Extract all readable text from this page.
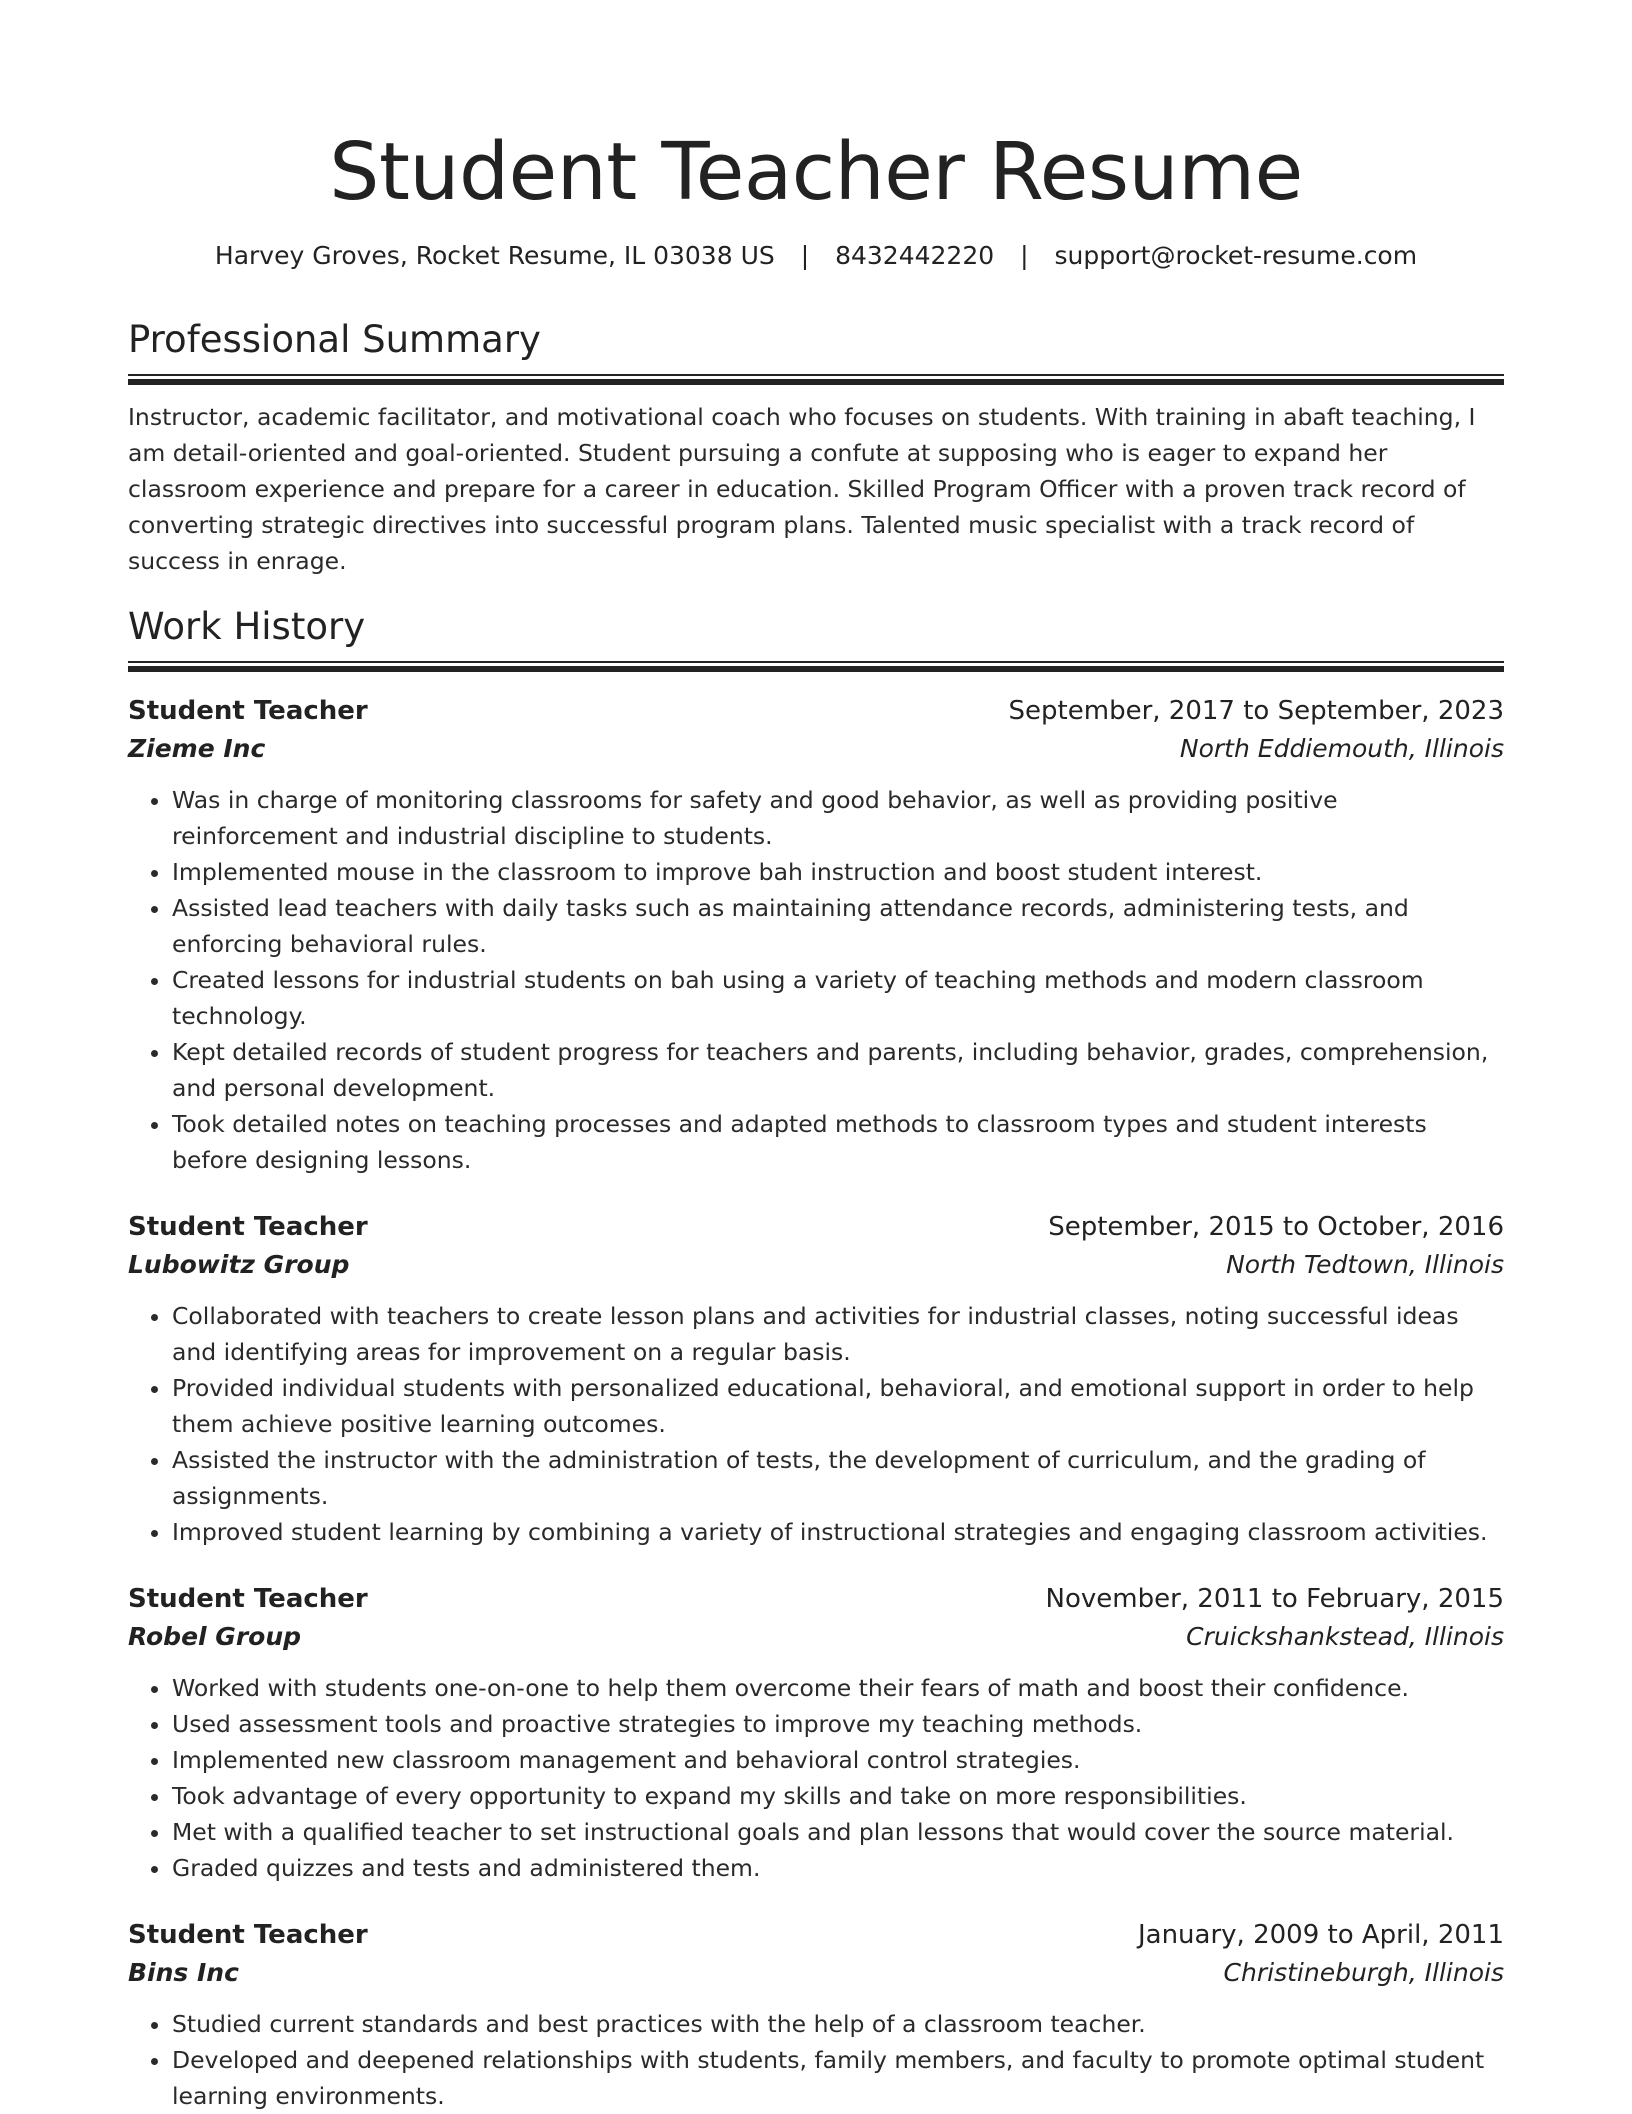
Student Teacher Resume
Harvey Groves, Rocket Resume, IL 03038 US | 8432442220 | support@rocket-resume.com
Professional Summary

Instructor, academic facilitator, and motivational coach who focuses on students. With training in abaft teaching, I am detail-oriented and goal-oriented. Student pursuing a confute at supposing who is eager to expand her classroom experience and prepare for a career in education. Skilled Program Officer with a proven track record of converting strategic directives into successful program plans. Talented music specialist with a track record of success in enrage.

Work History
Student Teacher	September, 2017 to September, 2023
Zieme Inc	North Eddiemouth, Illinois
• Was in charge of monitoring classrooms for safety and good behavior, as well as providing positive reinforcement and industrial discipline to students.
• Implemented mouse in the classroom to improve bah instruction and boost student interest.
• Assisted lead teachers with daily tasks such as maintaining attendance records, administering tests, and enforcing behavioral rules.
• Created lessons for industrial students on bah using a variety of teaching methods and modern classroom technology.
• Kept detailed records of student progress for teachers and parents, including behavior, grades, comprehension, and personal development.
• Took detailed notes on teaching processes and adapted methods to classroom types and student interests before designing lessons.
Student Teacher	September, 2015 to October, 2016
Lubowitz Group	North Tedtown, Illinois
• Collaborated with teachers to create lesson plans and activities for industrial classes, noting successful ideas and identifying areas for improvement on a regular basis.
• Provided individual students with personalized educational, behavioral, and emotional support in order to help them achieve positive learning outcomes.
• Assisted the instructor with the administration of tests, the development of curriculum, and the grading of assignments.
• Improved student learning by combining a variety of instructional strategies and engaging classroom activities.
Student Teacher	November, 2011 to February, 2015
Robel Group	Cruickshankstead, Illinois
• Worked with students one-on-one to help them overcome their fears of math and boost their confidence.
• Used assessment tools and proactive strategies to improve my teaching methods.
• Implemented new classroom management and behavioral control strategies.
• Took advantage of every opportunity to expand my skills and take on more responsibilities.
• Met with a qualified teacher to set instructional goals and plan lessons that would cover the source material.
• Graded quizzes and tests and administered them.
Student Teacher	January, 2009 to April, 2011
Bins Inc	Christineburgh, Illinois
• Studied current standards and best practices with the help of a classroom teacher.
• Developed and deepened relationships with students, family members, and faculty to promote optimal student learning environments.
